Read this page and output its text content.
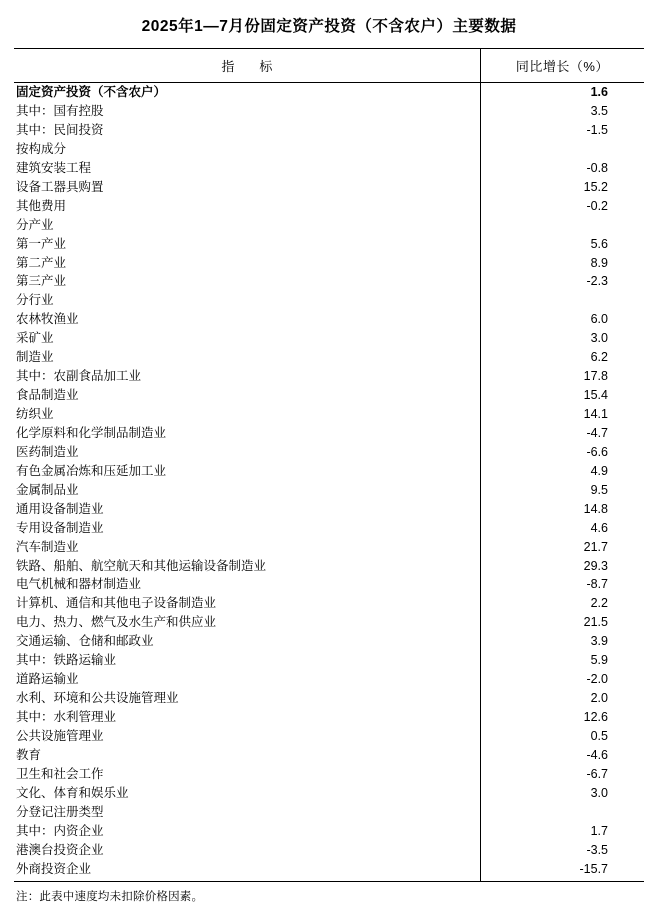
2025年1—7月份固定资产投资（不含农户）主要数据
指　标	同比增长（%）
固定资产投资（不含农户）	1.6
其中：国有控股	3.5
其中：民间投资	-1.5
按构成分	
建筑安装工程	-0.8
设备工器具购置	15.2
其他费用	-0.2
分产业	
第一产业	5.6
第二产业	8.9
第三产业	-2.3
分行业	
农林牧渔业	6.0
采矿业	3.0
制造业	6.2
其中：农副食品加工业	17.8
食品制造业	15.4
纺织业	14.1
化学原料和化学制品制造业	-4.7
医药制造业	-6.6
有色金属冶炼和压延加工业	4.9
金属制品业	9.5
通用设备制造业	14.8
专用设备制造业	4.6
汽车制造业	21.7
铁路、船舶、航空航天和其他运输设备制造业	29.3
电气机械和器材制造业	-8.7
计算机、通信和其他电子设备制造业	2.2
电力、热力、燃气及水生产和供应业	21.5
交通运输、仓储和邮政业	3.9
其中：铁路运输业	5.9
道路运输业	-2.0
水利、环境和公共设施管理业	2.0
其中：水利管理业	12.6
公共设施管理业	0.5
教育	-4.6
卫生和社会工作	-6.7
文化、体育和娱乐业	3.0
分登记注册类型	
其中：内资企业	1.7
港澳台投资企业	-3.5
外商投资企业	-15.7
注：此表中速度均未扣除价格因素。
